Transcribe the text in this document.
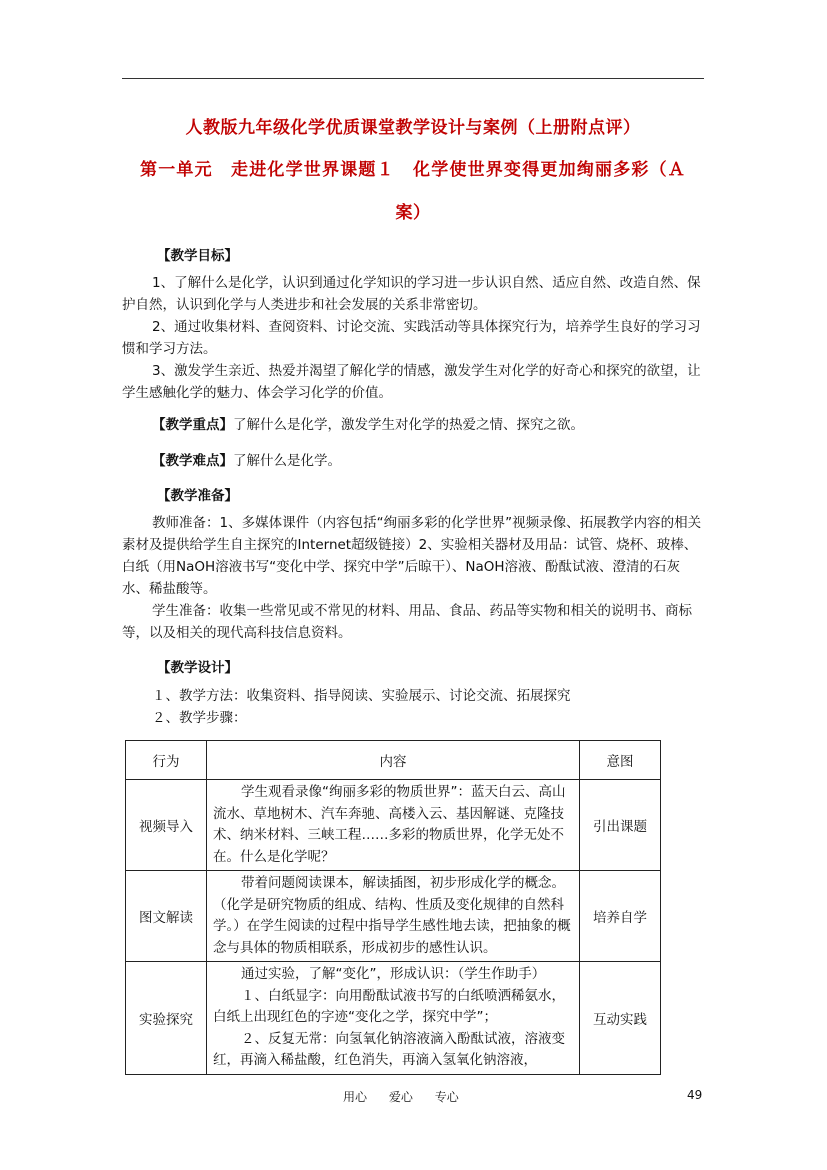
人教版九年级化学优质课堂教学设计与案例（上册附点评）
第一单元　走进化学世界课题１　化学使世界变得更加绚丽多彩（Ａ
案）
【教学目标】

1、了解什么是化学，认识到通过化学知识的学习进一步认识自然、适应自然、改造自然、保护自然，认识到化学与人类进步和社会发展的关系非常密切。

2、通过收集材料、查阅资料、讨论交流、实践活动等具体探究行为，培养学生良好的学习习惯和学习方法。

3、激发学生亲近、热爱并渴望了解化学的情感，激发学生对化学的好奇心和探究的欲望，让学生感触化学的魅力、体会学习化学的价值。

【教学重点】了解什么是化学，激发学生对化学的热爱之情、探究之欲。

【教学难点】了解什么是化学。

【教学准备】

教师准备：1、多媒体课件（内容包括“绚丽多彩的化学世界”视频录像、拓展教学内容的相关素材及提供给学生自主探究的Internet超级链接）2、实验相关器材及用品：试管、烧杯、玻棒、白纸（用NaOH溶液书写“变化中学、探究中学”后晾干）、NaOH溶液、酚酞试液、澄清的石灰水、稀盐酸等。

学生准备：收集一些常见或不常见的材料、用品、食品、药品等实物和相关的说明书、商标等，以及相关的现代高科技信息资料。

【教学设计】

１、教学方法：收集资料、指导阅读、实验展示、讨论交流、拓展探究

２、教学步骤：

行为	内容	意图
视频导入	学生观看录像“绚丽多彩的物质世界”：蓝天白云、高山流水、草地树木、汽车奔驰、高楼入云、基因解谜、克隆技术、纳米材料、三峡工程……多彩的物质世界，化学无处不在。什么是化学呢？	引出课题
图文解读	带着问题阅读课本，解读插图，初步形成化学的概念。（化学是研究物质的组成、结构、性质及变化规律的自然科学。）在学生阅读的过程中指导学生感性地去读，把抽象的概念与具体的物质相联系，形成初步的感性认识。	培养自学
实验探究	通过实验，了解“变化”，形成认识：（学生作助手）

１、白纸显字：向用酚酞试液书写的白纸喷洒稀氨水，白纸上出现红色的字迹“变化之学，探究中学”；

２、反复无常：向氢氧化钠溶液滴入酚酞试液，溶液变红，再滴入稀盐酸，红色消失，再滴入氢氧化钠溶液，	互动实践
用心 爱心 专心	49
